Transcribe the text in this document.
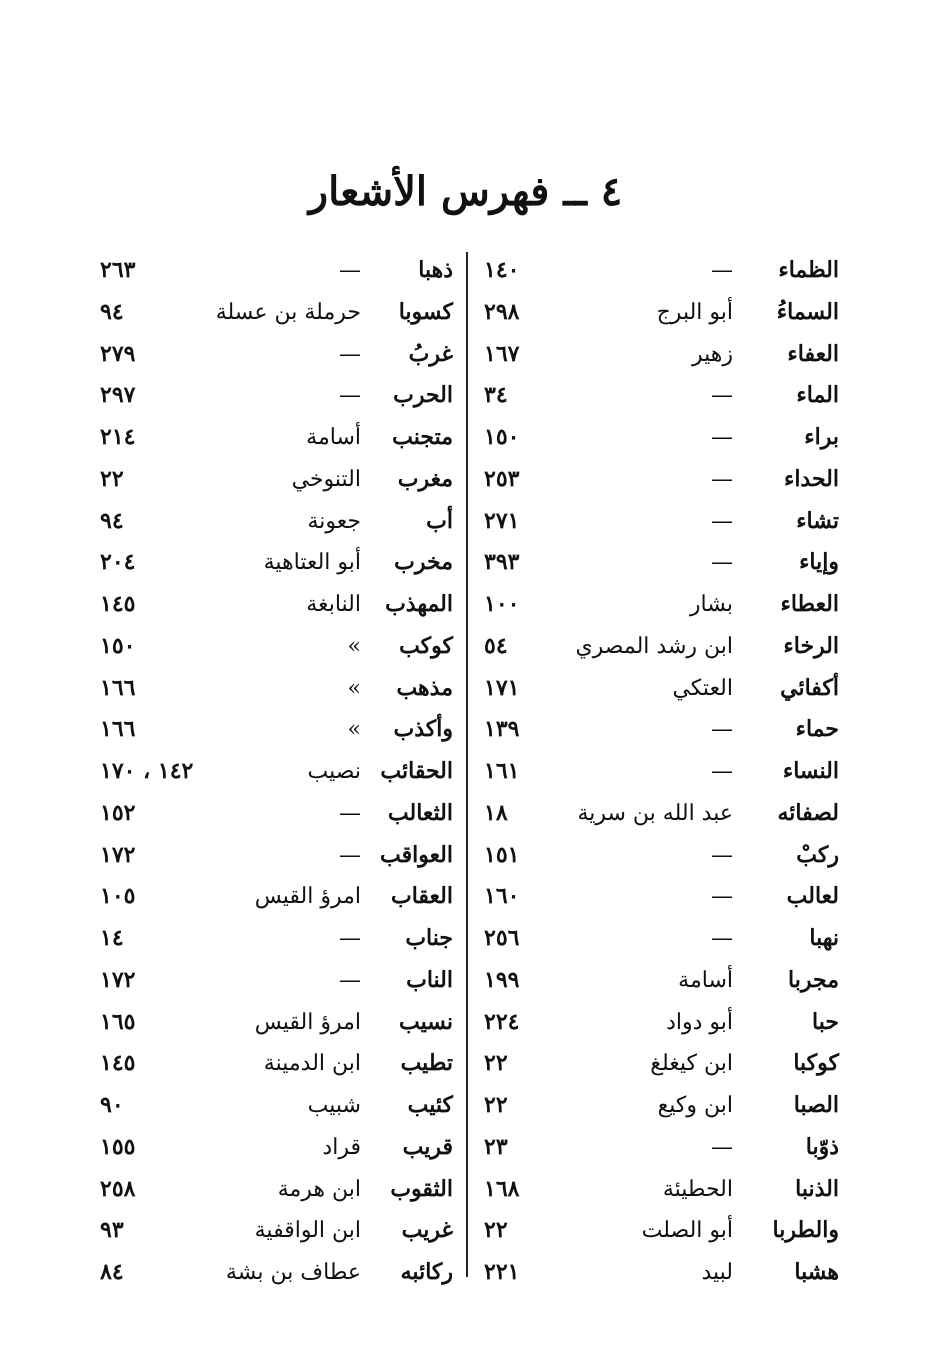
٤ ــ فهرس الأشعار
الظماء
—
١٤٠
ذهبا
—
٢٦٣
السماءُ
أبو البرج
٢٩٨
كسوبا
حرملة بن عسلة
٩٤
العفاء
زهير
١٦٧
غربُ
—
٢٧٩
الماء
—
٣٤
الحرب
—
٢٩٧
براء
—
١٥٠
متجنب
أسامة
٢١٤
الحداء
—
٢٥٣
مغرب
التنوخي
٢٢
تشاء
—
٢٧١
أب
جعونة
٩٤
وإياء
—
٣٩٣
مخرب
أبو العتاهية
٢٠٤
العطاء
بشار
١٠٠
المهذب
النابغة
١٤٥
الرخاء
ابن رشد المصري
٥٤
كوكب
»
١٥٠
أكفائي
العتكي
١٧١
مذهب
»
١٦٦
حماء
—
١٣٩
وأكذب
»
١٦٦
النساء
—
١٦١
الحقائب
نصيب
١٤٢ ، ١٧٠
لصفائه
عبد الله بن سرية
١٨
الثعالب
—
١٥٢
ركبْ
—
١٥١
العواقب
—
١٧٢
لعالب
—
١٦٠
العقاب
امرؤ القيس
١٠٥
نهبا
—
٢٥٦
جناب
—
١٤
مجربا
أسامة
١٩٩
الناب
—
١٧٢
حبا
أبو دواد
٢٢٤
نسيب
امرؤ القيس
١٦٥
كوكبا
ابن كيغلغ
٢٢
تطيب
ابن الدمينة
١٤٥
الصبا
ابن وكيع
٢٢
كئيب
شبيب
٩٠
ذوّبا
—
٢٣
قريب
قراد
١٥٥
الذنبا
الحطيئة
١٦٨
الثقوب
ابن هرمة
٢٥٨
والطربا
أبو الصلت
٢٢
غريب
ابن الواقفية
٩٣
هشبا
لبيد
٢٢١
ركائبه
عطاف بن بشة
٨٤
